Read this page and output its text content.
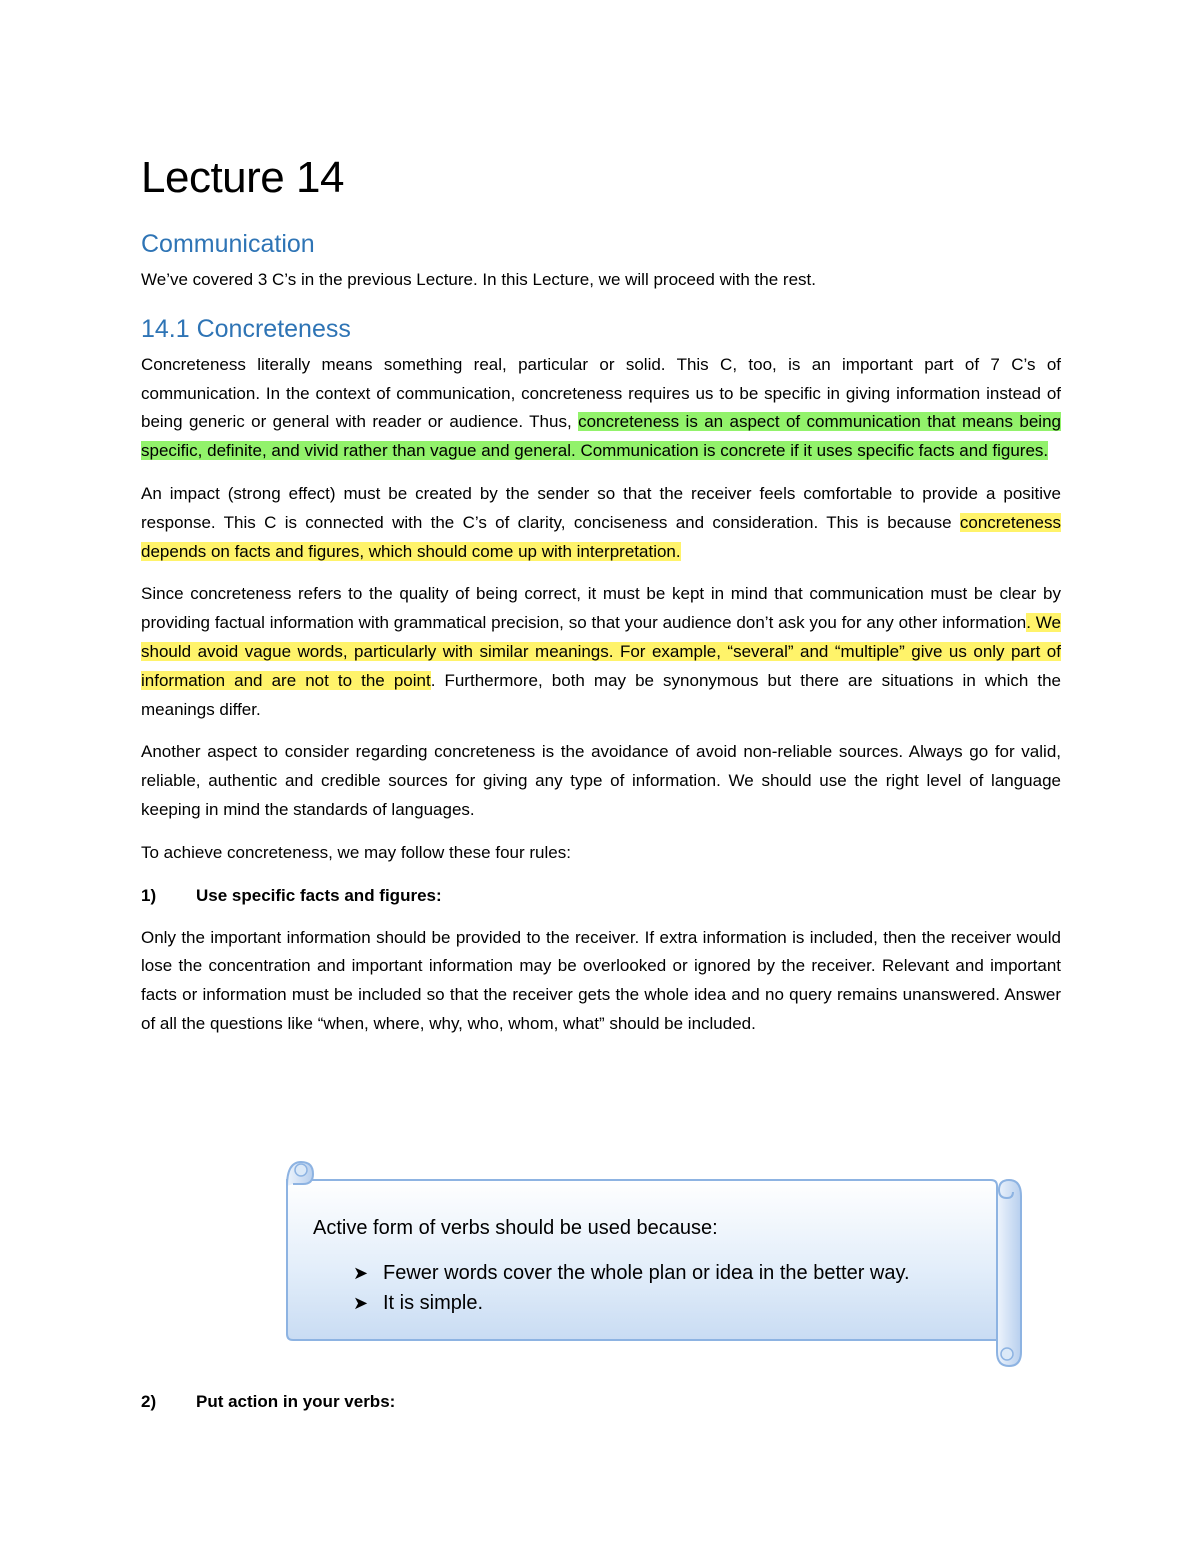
Lecture 14
Communication

We’ve covered 3 C’s in the previous Lecture. In this Lecture, we will proceed with the rest.

14.1 Concreteness

Concreteness literally means something real, particular or solid. This C, too, is an important part of 7 C’s of communication. In the context of communication, concreteness requires us to be specific in giving information instead of being generic or general with reader or audience. Thus, concreteness is an aspect of communication that means being specific, definite, and vivid rather than vague and general. Communication is concrete if it uses specific facts and figures.

An impact (strong effect) must be created by the sender so that the receiver feels comfortable to provide a positive response. This C is connected with the C’s of clarity, conciseness and consideration. This is because concreteness depends on facts and figures, which should come up with interpretation.

Since concreteness refers to the quality of being correct, it must be kept in mind that communication must be clear by providing factual information with grammatical precision, so that your audience don’t ask you for any other information. We should avoid vague words, particularly with similar meanings. For example, “several” and “multiple” give us only part of information and are not to the point. Furthermore, both may be synonymous but there are situations in which the meanings differ.

Another aspect to consider regarding concreteness is the avoidance of avoid non-reliable sources. Always go for valid, reliable, authentic and credible sources for giving any type of information. We should use the right level of language keeping in mind the standards of languages.

To achieve concreteness, we may follow these four rules:

1)	Use specific facts and figures:

Only the important information should be provided to the receiver. If extra information is included, then the receiver would lose the concentration and important information may be overlooked or ignored by the receiver. Relevant and important facts or information must be included so that the receiver gets the whole idea and no query remains unanswered. Answer of all the questions like “when, where, why, who, whom, what” should be included.

Active form of verbs should be used because:

➤ Fewer words cover the whole plan or idea in the better way.
➤ It is simple.
2)	Put action in your verbs:
